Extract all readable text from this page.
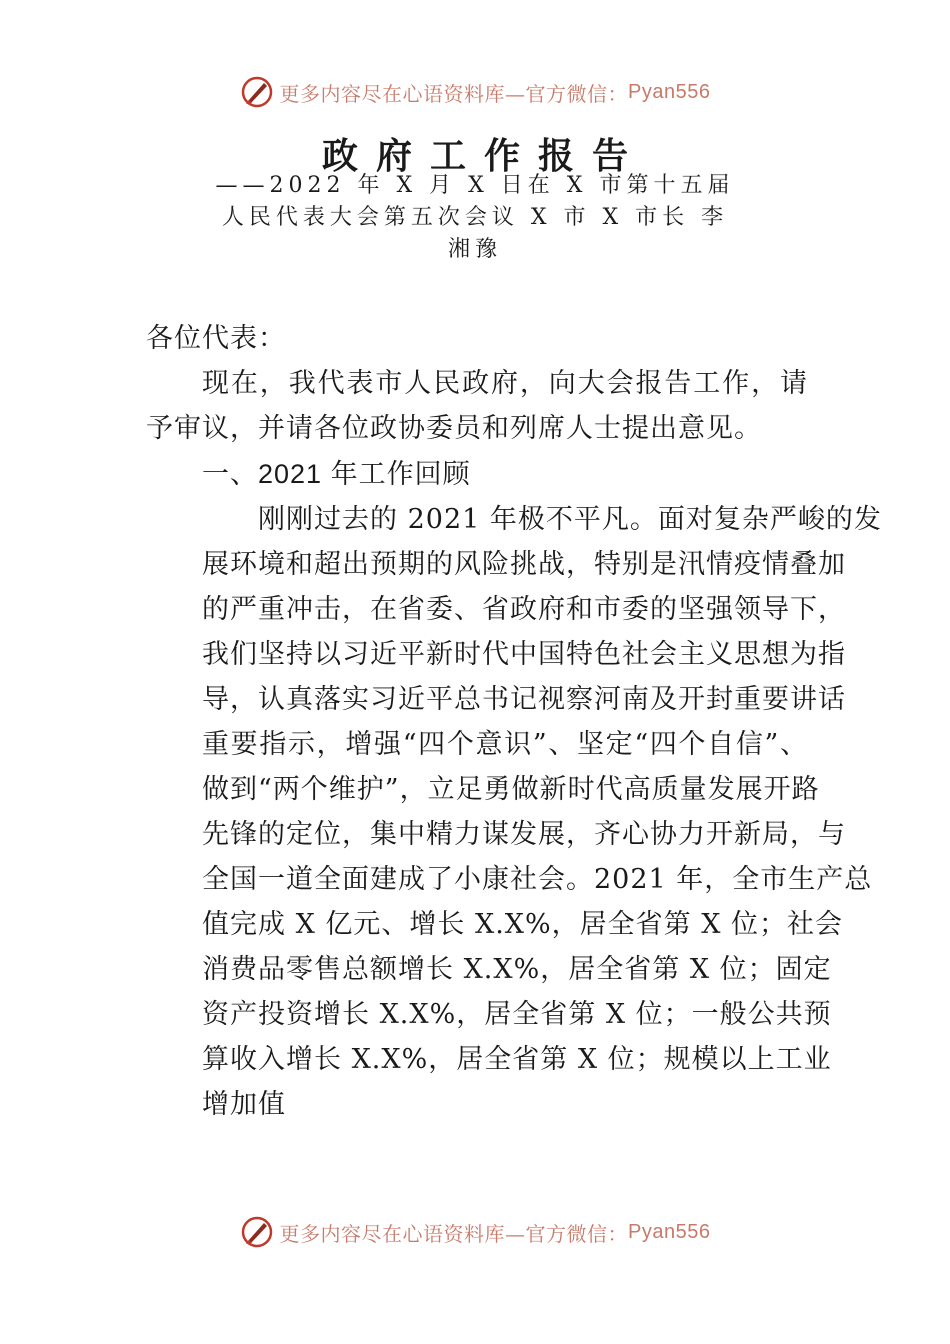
更多内容尽在心语资料库—官方微信： Pyan556
政府工作报告
——2022 年 X 月 X 日在 X 市第十五届
人民代表大会第五次会议 X 市 X 市长 李
湘豫
各位代表：
现在，我代表市人民政府，向大会报告工作，请予审议，并请各位政协委员和列席人士提出意见。
一、2021 年工作回顾
刚刚过去的 2021 年极不平凡。面对复杂严峻的发
展环境和超出预期的风险挑战，特别是汛情疫情叠加
的严重冲击，在省委、省政府和市委的坚强领导下，
我们坚持以习近平新时代中国特色社会主义思想为指
导，认真落实习近平总书记视察河南及开封重要讲话
重要指示，增强“四个意识”、坚定“四个自信”、
做到“两个维护”，立足勇做新时代高质量发展开路
先锋的定位，集中精力谋发展，齐心协力开新局，与
全国一道全面建成了小康社会。2021 年，全市生产总
值完成 X 亿元、增长 X.X%，居全省第 X 位；社会
消费品零售总额增长 X.X%，居全省第 X 位；固定
资产投资增长 X.X%，居全省第 X 位；一般公共预
算收入增长 X.X%，居全省第 X 位；规模以上工业
增加值
更多内容尽在心语资料库—官方微信： Pyan556
